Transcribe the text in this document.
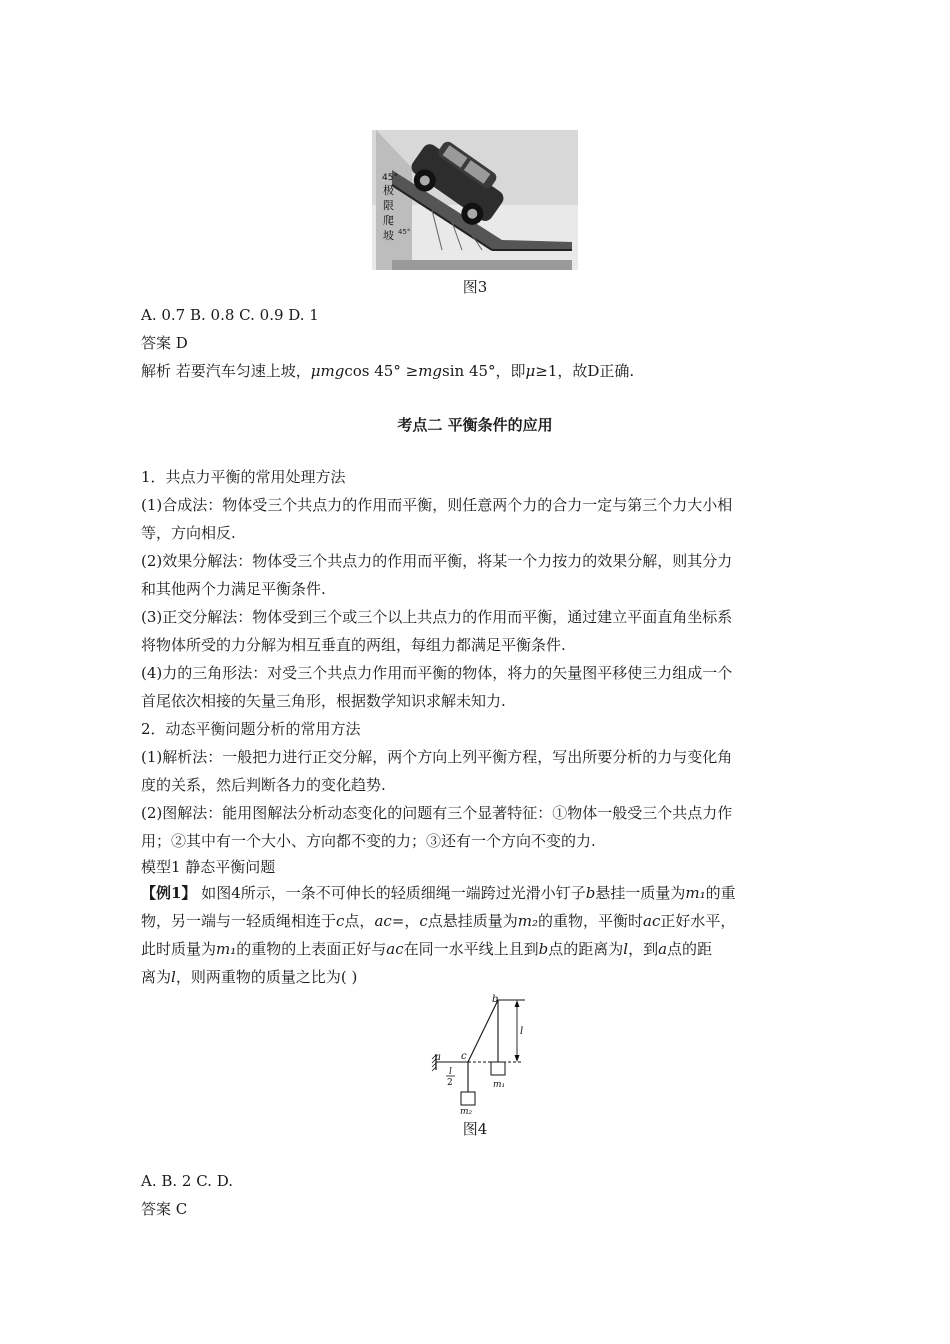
45°
极
限
爬
坡 45°
图3
A. 0.7 B. 0.8 C. 0.9 D. 1
答案 D
解析 若要汽车匀速上坡，μmgcos 45° ≥mgsin 45°，即μ≥1，故D正确.
考点二 平衡条件的应用
1．共点力平衡的常用处理方法
(1)合成法：物体受三个共点力的作用而平衡，则任意两个力的合力一定与第三个力大小相
等，方向相反.
(2)效果分解法：物体受三个共点力的作用而平衡，将某一个力按力的效果分解，则其分力
和其他两个力满足平衡条件.
(3)正交分解法：物体受到三个或三个以上共点力的作用而平衡，通过建立平面直角坐标系
将物体所受的力分解为相互垂直的两组，每组力都满足平衡条件.
(4)力的三角形法：对受三个共点力作用而平衡的物体，将力的矢量图平移使三力组成一个
首尾依次相接的矢量三角形，根据数学知识求解未知力.
2．动态平衡问题分析的常用方法
(1)解析法：一般把力进行正交分解，两个方向上列平衡方程，写出所要分析的力与变化角
度的关系，然后判断各力的变化趋势.
(2)图解法：能用图解法分析动态变化的问题有三个显著特征：①物体一般受三个共点力作
用；②其中有一个大小、方向都不变的力；③还有一个方向不变的力.
模型1 静态平衡问题
【例1】 如图4所示，一条不可伸长的轻质细绳一端跨过光滑小钉子b悬挂一质量为m₁的重
物，另一端与一轻质绳相连于c点，ac=，c点悬挂质量为m₂的重物，平衡时ac正好水平，
此时质量为m₁的重物的上表面正好与ac在同一水平线上且到b点的距离为l，到a点的距
离为l，则两重物的质量之比为( )
a
b
c
l
l
2	m₁
m₂
图4
A. B. 2 C. D.
答案 C
